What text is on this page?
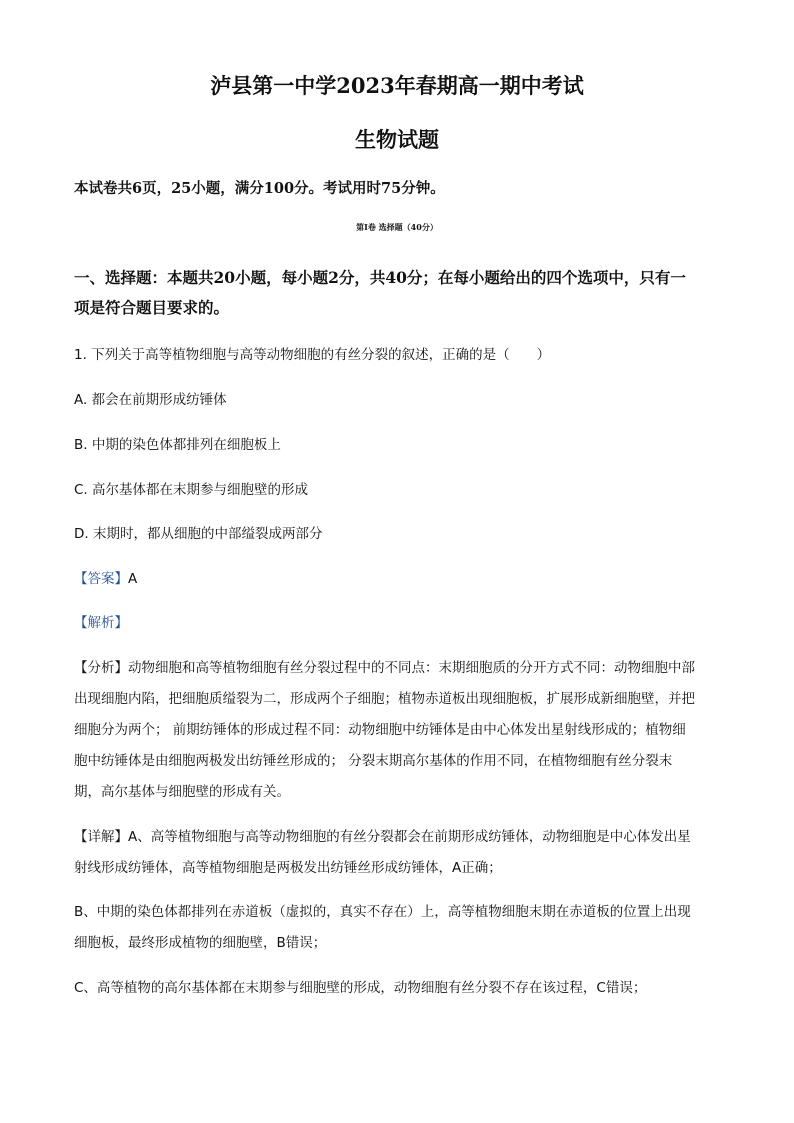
泸县第一中学2023年春期高一期中考试
生物试题
本试卷共6页，25小题，满分100分。考试用时75分钟。
第Ⅰ卷 选择题（40分）
一、选择题：本题共20小题，每小题2分，共40分；在每小题给出的四个选项中，只有一
项是符合题目要求的。
1. 下列关于高等植物细胞与高等动物细胞的有丝分裂的叙述，正确的是（　　）
A. 都会在前期形成纺锤体
B. 中期的染色体都排列在细胞板上
C. 高尔基体都在末期参与细胞壁的形成
D. 末期时，都从细胞的中部缢裂成两部分
【答案】A
【解析】
【分析】动物细胞和高等植物细胞有丝分裂过程中的不同点：末期细胞质的分开方式不同：动物细胞中部
出现细胞内陷，把细胞质缢裂为二，形成两个子细胞；植物赤道板出现细胞板，扩展形成新细胞壁，并把
细胞分为两个； 前期纺锤体的形成过程不同：动物细胞中纺锤体是由中心体发出星射线形成的；植物细
胞中纺锤体是由细胞两极发出纺锤丝形成的； 分裂末期高尔基体的作用不同，在植物细胞有丝分裂末
期，高尔基体与细胞壁的形成有关。
【详解】A、高等植物细胞与高等动物细胞的有丝分裂都会在前期形成纺锤体，动物细胞是中心体发出星
射线形成纺锤体，高等植物细胞是两极发出纺锤丝形成纺锤体，A正确；
B、中期的染色体都排列在赤道板（虚拟的，真实不存在）上，高等植物细胞末期在赤道板的位置上出现
细胞板，最终形成植物的细胞壁，B错误；
C、高等植物的高尔基体都在末期参与细胞壁的形成，动物细胞有丝分裂不存在该过程，C错误；
